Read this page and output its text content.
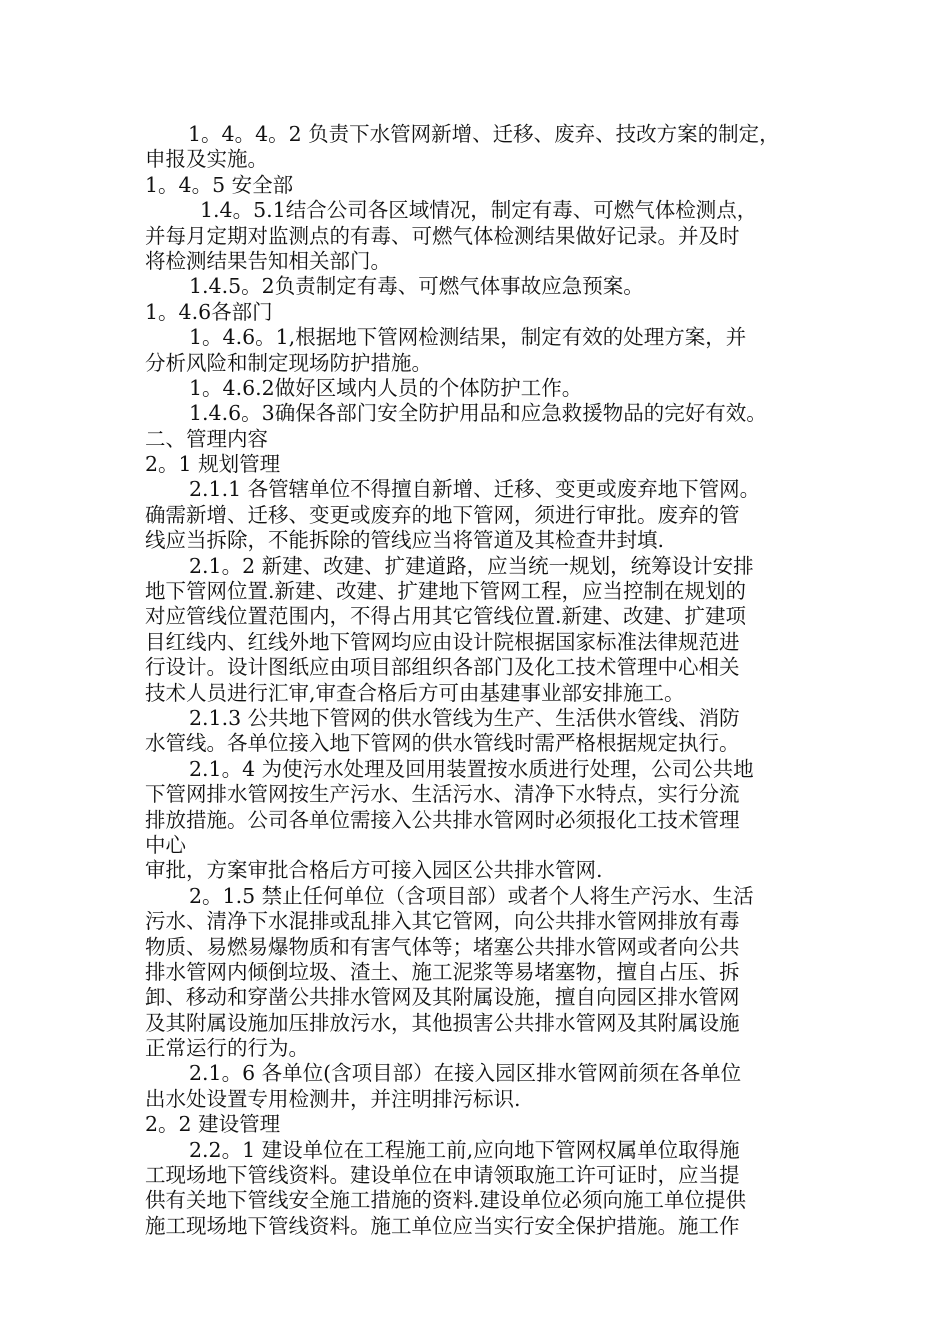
1。4。4。2 负责下水管网新增、迁移、废弃、技改方案的制定，
申报及实施。
1。4。5 安全部
1.4。5.1结合公司各区域情况，制定有毒、可燃气体检测点，
并每月定期对监测点的有毒、可燃气体检测结果做好记录。并及时
将检测结果告知相关部门。
1.4.5。2负责制定有毒、可燃气体事故应急预案。
1。4.6各部门
1。4.6。1,根据地下管网检测结果，制定有效的处理方案，并
分析风险和制定现场防护措施。
1。4.6.2做好区域内人员的个体防护工作。
1.4.6。3确保各部门安全防护用品和应急救援物品的完好有效。
二、管理内容
2。1 规划管理
2.1.1 各管辖单位不得擅自新增、迁移、变更或废弃地下管网。
确需新增、迁移、变更或废弃的地下管网，须进行审批。废弃的管
线应当拆除，不能拆除的管线应当将管道及其检查井封填.
2.1。2 新建、改建、扩建道路，应当统一规划，统筹设计安排
地下管网位置.新建、改建、扩建地下管网工程，应当控制在规划的
对应管线位置范围内，不得占用其它管线位置.新建、改建、扩建项
目红线内、红线外地下管网均应由设计院根据国家标准法律规范进
行设计。设计图纸应由项目部组织各部门及化工技术管理中心相关
技术人员进行汇审,审查合格后方可由基建事业部安排施工。
2.1.3 公共地下管网的供水管线为生产、生活供水管线、消防
水管线。各单位接入地下管网的供水管线时需严格根据规定执行。
2.1。4 为使污水处理及回用装置按水质进行处理，公司公共地
下管网排水管网按生产污水、生活污水、清净下水特点，实行分流
排放措施。公司各单位需接入公共排水管网时必须报化工技术管理
中心
审批，方案审批合格后方可接入园区公共排水管网.
2。1.5 禁止任何单位（含项目部）或者个人将生产污水、生活
污水、清净下水混排或乱排入其它管网，向公共排水管网排放有毒
物质、易燃易爆物质和有害气体等；堵塞公共排水管网或者向公共
排水管网内倾倒垃圾、渣土、施工泥浆等易堵塞物，擅自占压、拆
卸、移动和穿凿公共排水管网及其附属设施，擅自向园区排水管网
及其附属设施加压排放污水，其他损害公共排水管网及其附属设施
正常运行的行为。
2.1。6 各单位(含项目部）在接入园区排水管网前须在各单位
出水处设置专用检测井，并注明排污标识.
2。2 建设管理
2.2。1 建设单位在工程施工前,应向地下管网权属单位取得施
工现场地下管线资料。建设单位在申请领取施工许可证时，应当提
供有关地下管线安全施工措施的资料.建设单位必须向施工单位提供
施工现场地下管线资料。施工单位应当实行安全保护措施。施工作
